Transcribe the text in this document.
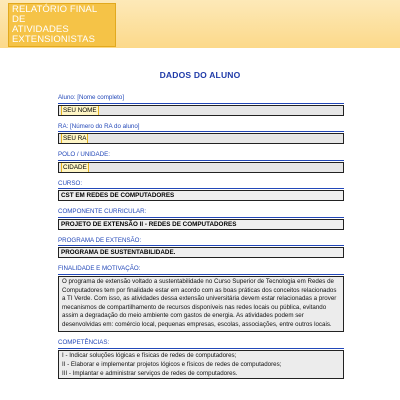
RELATÓRIO FINAL DE
ATIVIDADES
EXTENSIONISTAS
DADOS DO ALUNO
Aluno: [Nome completo]
SEU NOME
RA: [Número do RA do aluno]
SEU RA
POLO / UNIDADE:
CIDADE
CURSO:
CST EM REDES DE COMPUTADORES
COMPONENTE CURRICULAR:
PROJETO DE EXTENSÃO II - REDES DE COMPUTADORES
PROGRAMA DE EXTENSÃO:
PROGRAMA DE SUSTENTABILIDADE.
FINALIDADE E MOTIVAÇÃO:
O programa de extensão voltado a sustentabilidade no Curso Superior de Tecnologia em Redes de Computadores tem por finalidade estar em acordo com as boas práticas dos conceitos relacionados a TI Verde. Com isso, as atividades dessa extensão universitária devem estar relacionadas a prover mecanismos de compartilhamento de recursos disponíveis nas redes locais ou pública, evitando assim a degradação do meio ambiente com gastos de energia. As atividades podem ser desenvolvidas em: comércio local, pequenas empresas, escolas, associações, entre outros locais.
COMPETÊNCIAS:
I - Indicar soluções lógicas e físicas de redes de computadores;
II - Elaborar e implementar projetos lógicos e físicos de redes de computadores;
III - Implantar e administrar serviços de redes de computadores.
